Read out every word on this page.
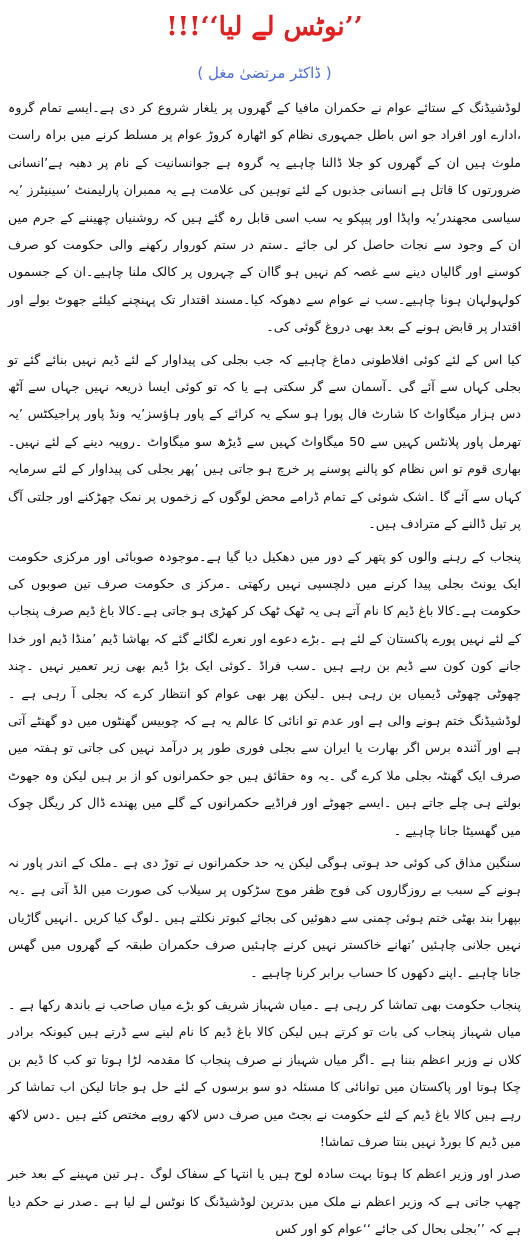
’’نوٹس لے لیا‘‘!!!
( ڈاکٹر مرتضیٰ مغل )

لوڈشیڈنگ کے ستائے عوام نے حکمران مافیا کے گھروں پر یلغار شروع کر دی ہے۔ایسے تمام گروہ ،ادارے اور افراد جو اس باطل جمہوری نظام کو اٹھارہ کروڑ عوام پر مسلط کرنے میں براہ راست ملوث ہیں ان کے گھروں کو جلا ڈالنا چاہیے یہ گروہ ہے جوانسانیت کے نام پر دھبہ ہے’انسانی ضرورتوں کا قاتل ہے انسانی جذبوں کے لئے توہین کی علامت ہے یہ ممبران پارلیمنٹ ’سینیٹرز ’یہ سیاسی مجھندر’یہ واپڈا اور پیپکو یہ سب اسی قابل رہ گئے ہیں کہ روشنیاں چھیننے کے جرم میں ان کے وجود سے نجات حاصل کر لی جائے ۔ستم در ستم کوروار رکھنے والی حکومت کو صرف کوسنے اور گالیاں دینے سے غصہ کم نہیں ہو گاان کے چہروں پر کالک ملنا چاہیے۔ان کے جسموں کولہولہان ہونا چاہیے۔سب نے عوام سے دھوکہ کیا۔مسند اقتدار تک پہنچنے کیلئے جھوٹ بولے اور اقتدار پر قابض ہونے کے بعد بھی دروغ گوئی کی۔

کیا اس کے لئے کوئی افلاطونی دماغ چاہیے کہ جب بجلی کی پیداوار کے لئے ڈیم نہیں بنائے گئے تو بجلی کہاں سے آئے گی ۔آسمان سے گر سکتی ہے یا کہ تو کوئی ایسا ذریعہ نہیں جہاں سے آٹھ دس ہزار میگاواٹ کا شارٹ فال پورا ہو سکے یہ کرائے کے پاور ہاؤسز’یہ ونڈ پاور پراجیکٹس ’یہ تھرمل پاور پلانٹس کہیں سے 50 میگاواٹ کہیں سے ڈیڑھ سو میگاواٹ ۔روپیہ دینے کے لئے نہیں۔بھاری قوم تو اس نظام کو پالنے پوسنے پر خرچ ہو جاتی ہیں ’پھر بجلی کی پیداوار کے لئے سرمایہ کہاں سے آئے گا ۔اشک شوئی کے تمام ڈرامے محض لوگوں کے زخموں پر نمک چھڑکنے اور جلتی آگ پر تیل ڈالنے کے مترادف ہیں۔

پنجاب کے رہنے والوں کو پتھر کے دور میں دھکیل دیا گیا ہے۔موجودہ صوبائی اور مرکزی حکومت ایک یونٹ بجلی پیدا کرنے میں دلچسپی نہیں رکھتی ۔مرکز ی حکومت صرف تین صوبوں کی حکومت ہے۔کالا باغ ڈیم کا نام آتے ہی یہ ٹھک ٹھک کر کھڑی ہو جاتی ہے۔کالا باغ ڈیم صرف پنجاب کے لئے نہیں پورے پاکستان کے لئے ہے ۔بڑے دعوے اور نعرے لگائے گئے کہ بھاشا ڈیم ’منڈا ڈیم اور خدا جانے کون کون سے ڈیم بن رہے ہیں ۔سب فراڈ ۔کوئی ایک بڑا ڈیم بھی زیر تعمیر نہیں ۔چند چھوٹی چھوٹی ڈیمیاں بن رہی ہیں ۔لیکن پھر بھی عوام کو انتظار کرے کہ بجلی آ رہی ہے ۔لوڈشیڈنگ ختم ہونے والی ہے اور عدم تو انائی کا عالم یہ ہے کہ چوبیس گھنٹوں میں دو گھنٹے آتی ہے اور آئندہ برس اگر بھارت یا ایران سے بجلی فوری طور پر درآمد نہیں کی جاتی تو ہفتہ میں صرف ایک گھنٹہ بجلی ملا کرے گی ۔یہ وہ حقائق ہیں جو حکمرانوں کو از بر ہیں لیکن وہ جھوٹ بولتے ہی چلے جاتے ہیں ۔ایسے جھوٹے اور فراڈیے حکمرانوں کے گلے میں پھندے ڈال کر ریگل چوک میں گھسیٹا جانا چاہیے ۔

سنگین مذاق کی کوئی حد ہوتی ہوگی لیکن یہ حد حکمرانوں نے توڑ دی ہے ۔ملک کے اندر پاور نہ ہونے کے سبب بے روزگاروں کی فوج ظفر موج سڑکوں پر سیلاب کی صورت میں الڈ آتی ہے ۔یہ بپھرا بند بھٹی ختم ہوئی چمنی سے دھوئیں کی بجائے کبوتر نکلتے ہیں ۔لوگ کیا کریں ۔انہیں گاڑیاں نہیں جلانی چاہئیں ’تھانے خاکستر نہیں کرنے چاہئیں صرف حکمران طبقہ کے گھروں میں گھس جانا چاہیے ۔اپنے دکھوں کا حساب برابر کرنا چاہیے ۔

پنجاب حکومت بھی تماشا کر رہی ہے ۔میاں شہباز شریف کو بڑے میاں صاحب نے باندھ رکھا ہے ۔میاں شہباز پنجاب کی بات تو کرتے ہیں لیکن کالا باغ ڈیم کا نام لینے سے ڈرتے ہیں کیونکہ برادر کلاں نے وزیر اعظم بننا ہے ۔اگر میاں شہباز نے صرف پنجاب کا مقدمہ لڑا ہوتا تو کب کا ڈیم بن چکا ہوتا اور پاکستان میں توانائی کا مسئلہ دو سو برسوں کے لئے حل ہو جاتا لیکن اب تماشا کر رہے ہیں کالا باغ ڈیم کے لئے حکومت نے بجٹ میں صرف دس لاکھ روپے مختص کئے ہیں ۔دس لاکھ میں ڈیم کا بورڈ نہیں بنتا صرف تماشا!

صدر اور وزیر اعظم کا ہوتا بہت سادہ لوح ہیں یا انتہا کے سفاک لوگ ۔ہر تین مہینے کے بعد خبر چھپ جاتی ہے کہ وزیر اعظم نے ملک میں بدترین لوڈشیڈنگ کا نوٹس لے لیا ہے ۔صدر نے حکم دیا ہے کہ ’’بجلی بحال کی جائے ‘‘عوام کو اور کس
